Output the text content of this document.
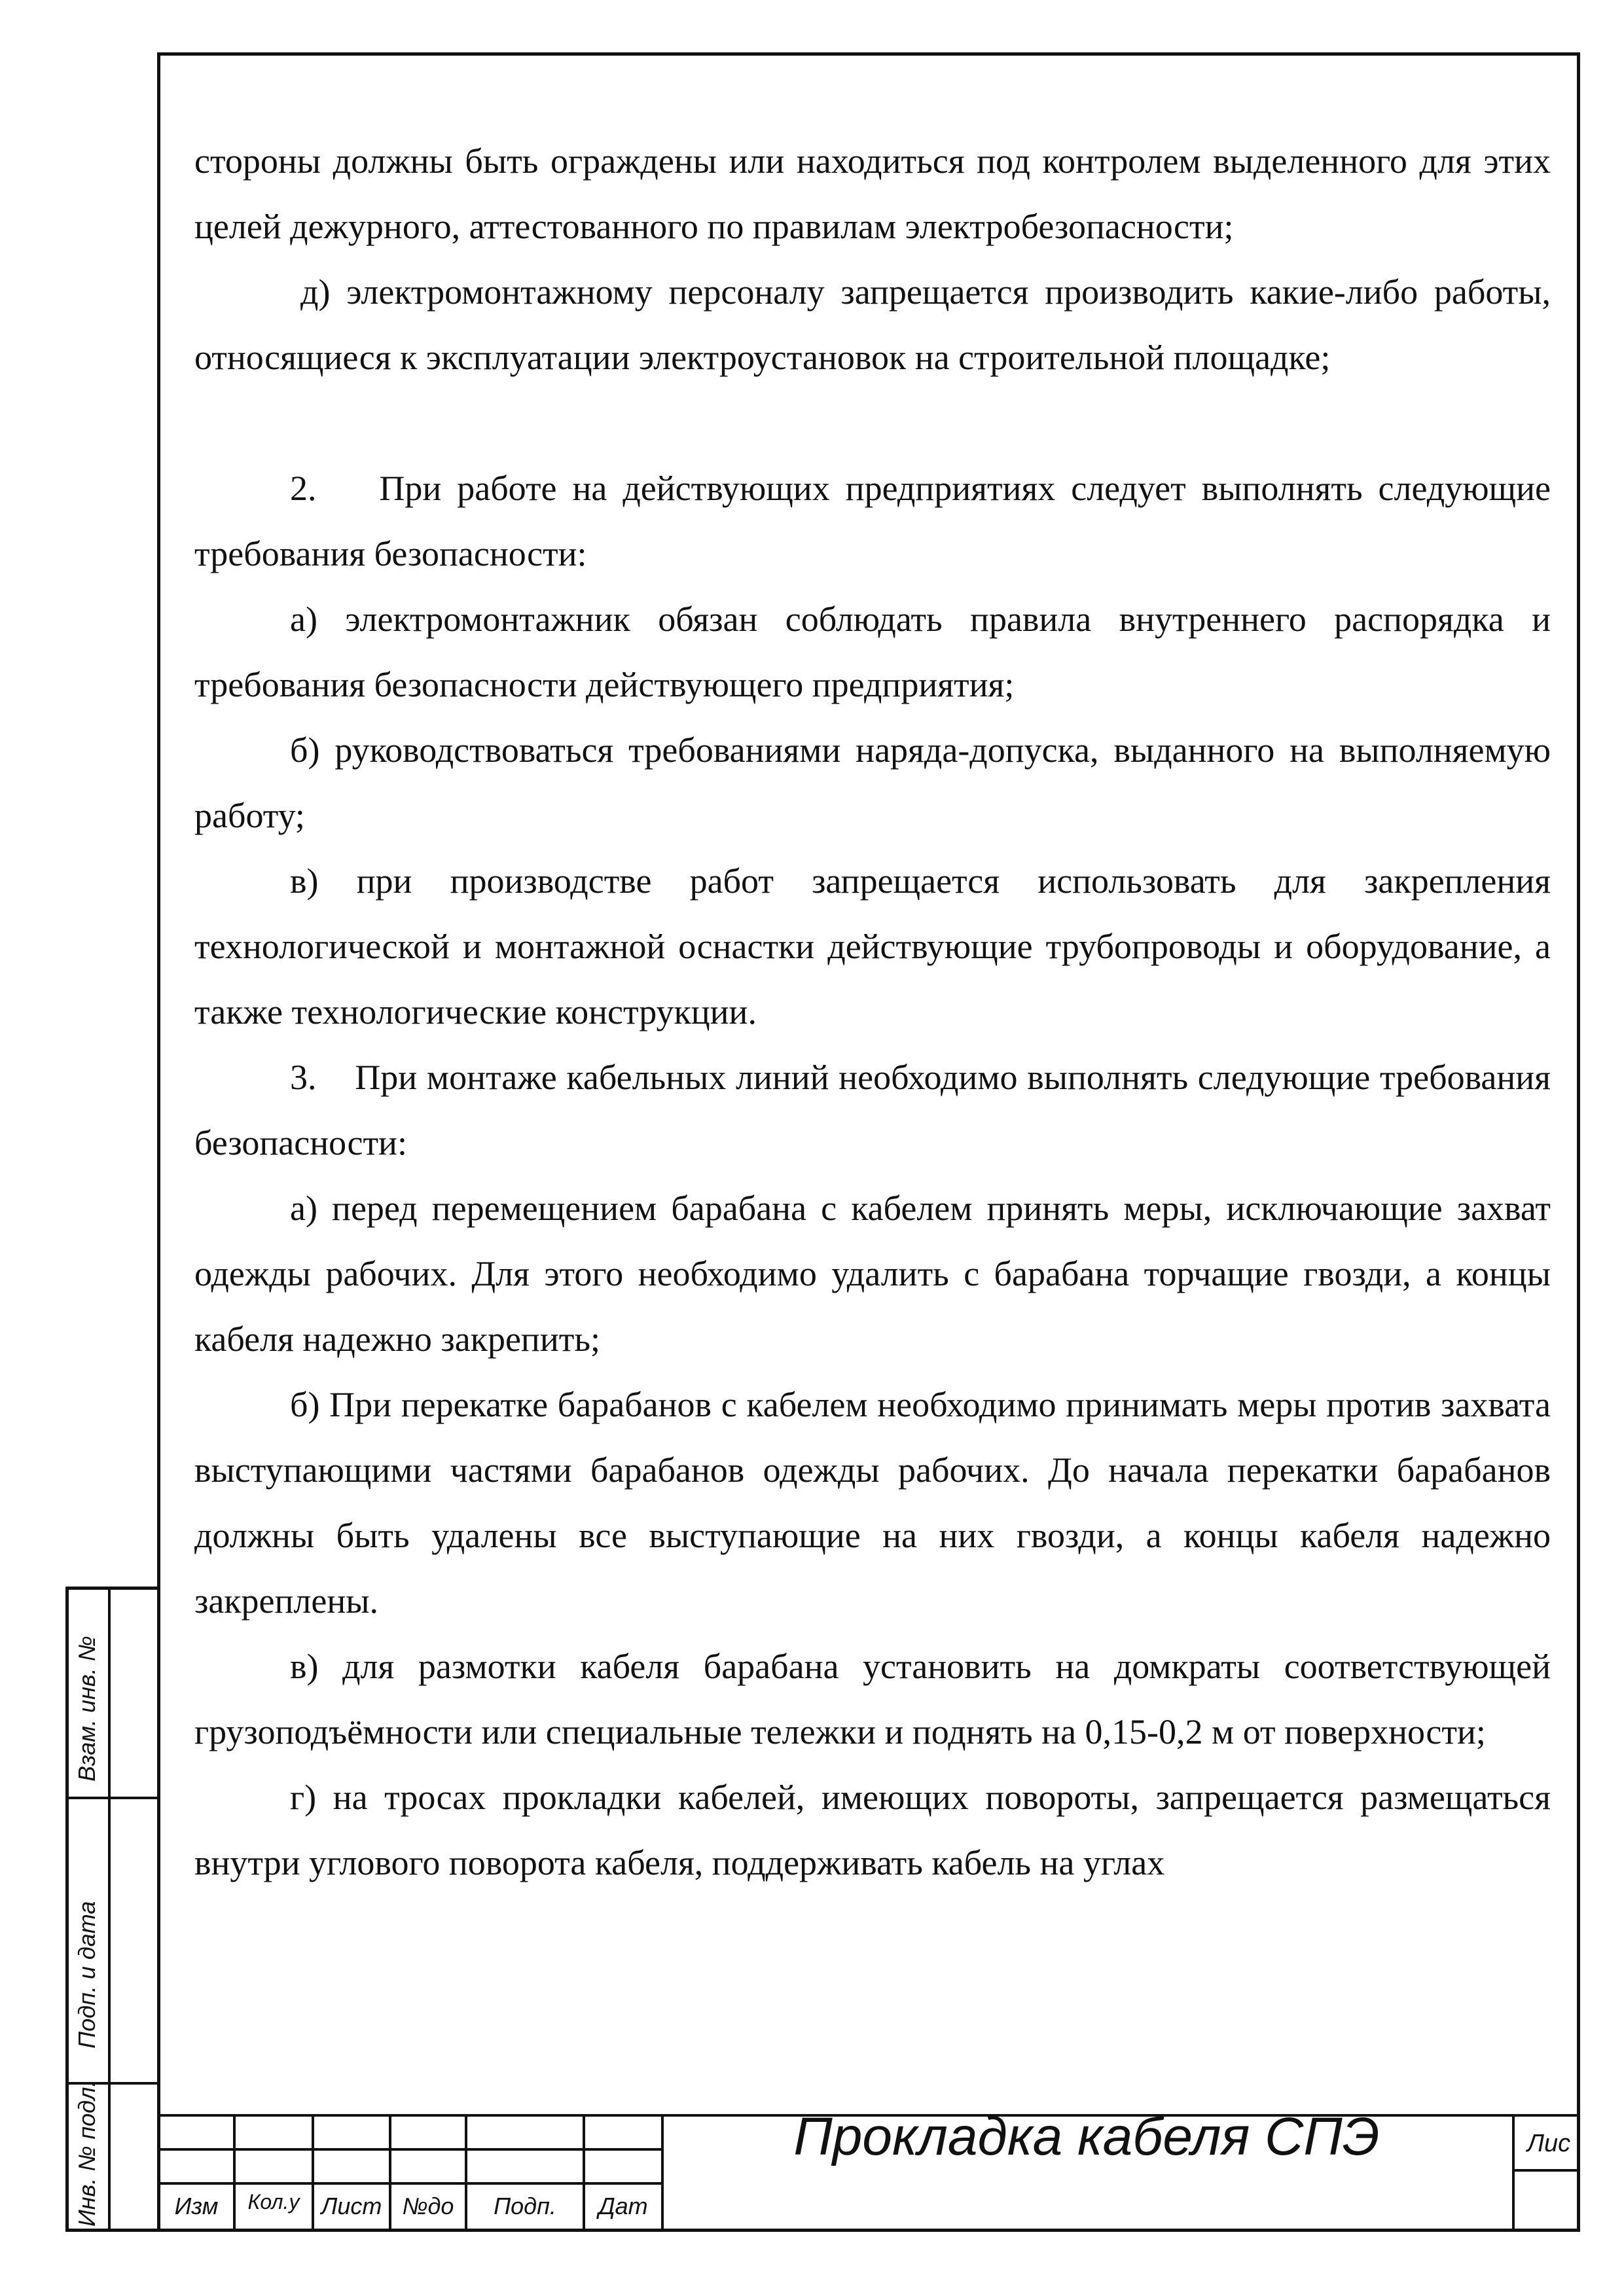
стороны должны быть ограждены или находиться под контролем выделенного для этих целей дежурного, аттестованного по правилам электробезопасности;

д) электромонтажному персоналу запрещается производить какие-либо работы, относящиеся к эксплуатации электроустановок на строительной площадке;

2.    При работе на действующих предприятиях следует выполнять следующие требования безопасности:

а) электромонтажник обязан соблюдать правила внутреннего распорядка и требования безопасности действующего предприятия;

б) руководствоваться требованиями наряда-допуска, выданного на выполняемую работу;

в) при производстве работ запрещается использовать для закрепления технологической и монтажной оснастки действующие трубопроводы и оборудование, а также технологические конструкции.

3.    При монтаже кабельных линий необходимо выполнять следующие требования безопасности:

а) перед перемещением барабана с кабелем принять меры, исключающие захват одежды рабочих. Для этого необходимо удалить с барабана торчащие гвозди, а концы кабеля надежно закрепить;

б) При перекатке барабанов с кабелем необходимо принимать меры против захвата выступающими частями барабанов одежды рабочих. До начала перекатки барабанов должны быть удалены все выступающие на них гвозди, а концы кабеля надежно закреплены.

в) для размотки кабеля барабана установить на домкраты соответствующей грузоподъёмности или специальные тележки и поднять на 0,15-0,2 м от поверхности;

г) на тросах прокладки кабелей, имеющих повороты, запрещается размещаться внутри углового поворота кабеля, поддерживать кабель на углах

Взам. инв. №
Подп. и дата
Инв. № подл.	Изм	Кол.у Лист №до	Подп.	Дат
Прокладка кабеля СПЭ	Лис
